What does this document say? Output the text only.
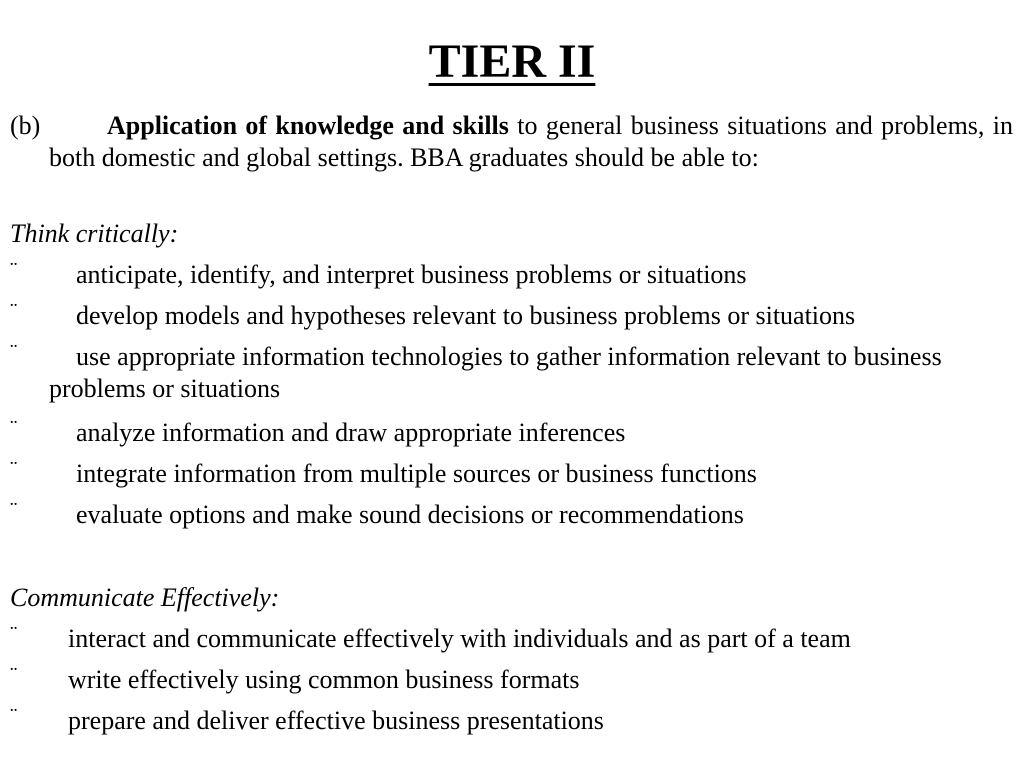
TIER II
(b)	Application of knowledge and skills to general business situations and problems, in both domestic and global settings. BBA graduates should be able to:
Think critically:
¨ anticipate, identify, and interpret business problems or situations
¨ develop models and hypotheses relevant to business problems or situations
¨ use appropriate information technologies to gather information relevant to business problems or situations
¨ analyze information and draw appropriate inferences
¨ integrate information from multiple sources or business functions
¨ evaluate options and make sound decisions or recommendations
Communicate Effectively:
¨ interact and communicate effectively with individuals and as part of a team
¨ write effectively using common business formats
¨ prepare and deliver effective business presentations
